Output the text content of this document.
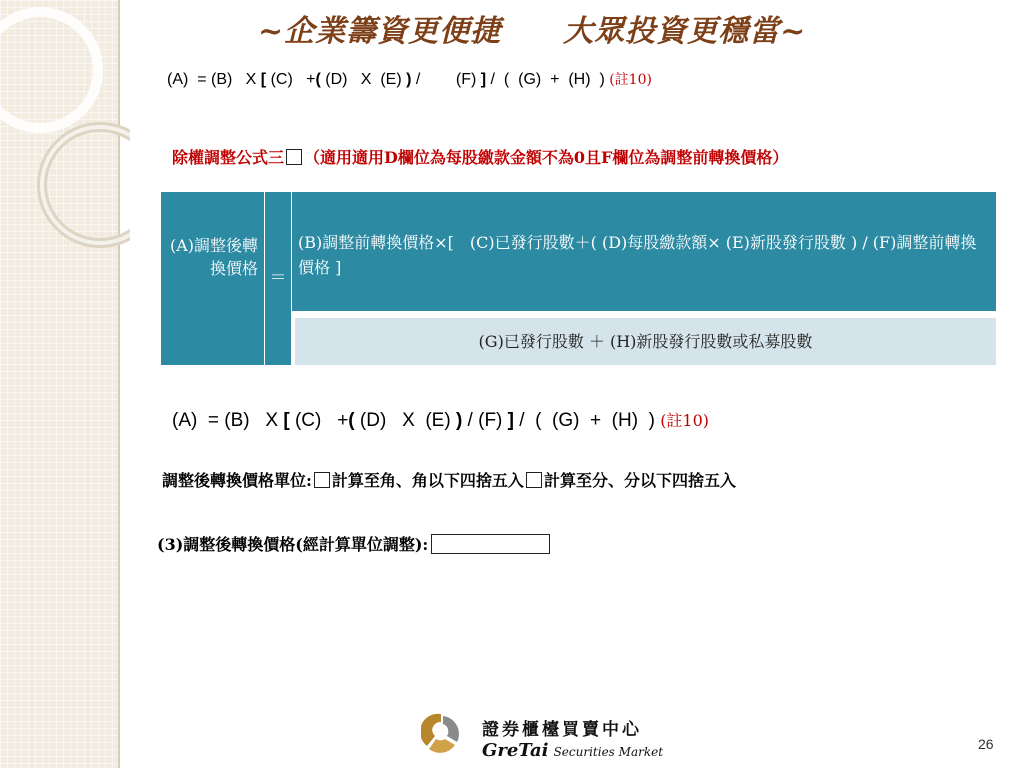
~企業籌資更便捷　　大眾投資更穩當~
(A)  = (B)   X [ (C)   +( (D)   X  (E) ) /        (F) ] /  (  (G)  +  (H)  ) (註10)
除權調整公式三 （適用適用D欄位為每股繳款金額不為0且F欄位為調整前轉換價格）
(A)調整後轉換價格 ＝
(B)調整前轉換價格×[　(C)已發行股數＋( (D)每股繳款額× (E)新股發行股數 ) / (F)調整前轉換價格 ]
(G)已發行股數 ＋ (H)新股發行股數或私募股數
(A)  = (B)   X [ (C)   +( (D)   X  (E) ) / (F) ] /  (  (G)  +  (H)  ) (註10)
調整後轉換價格單位: 計算至角、角以下四捨五入 計算至分、分以下四捨五入
(3)調整後轉換價格(經計算單位調整):
證券櫃檯買賣中心
GreTai Securities Market	26
